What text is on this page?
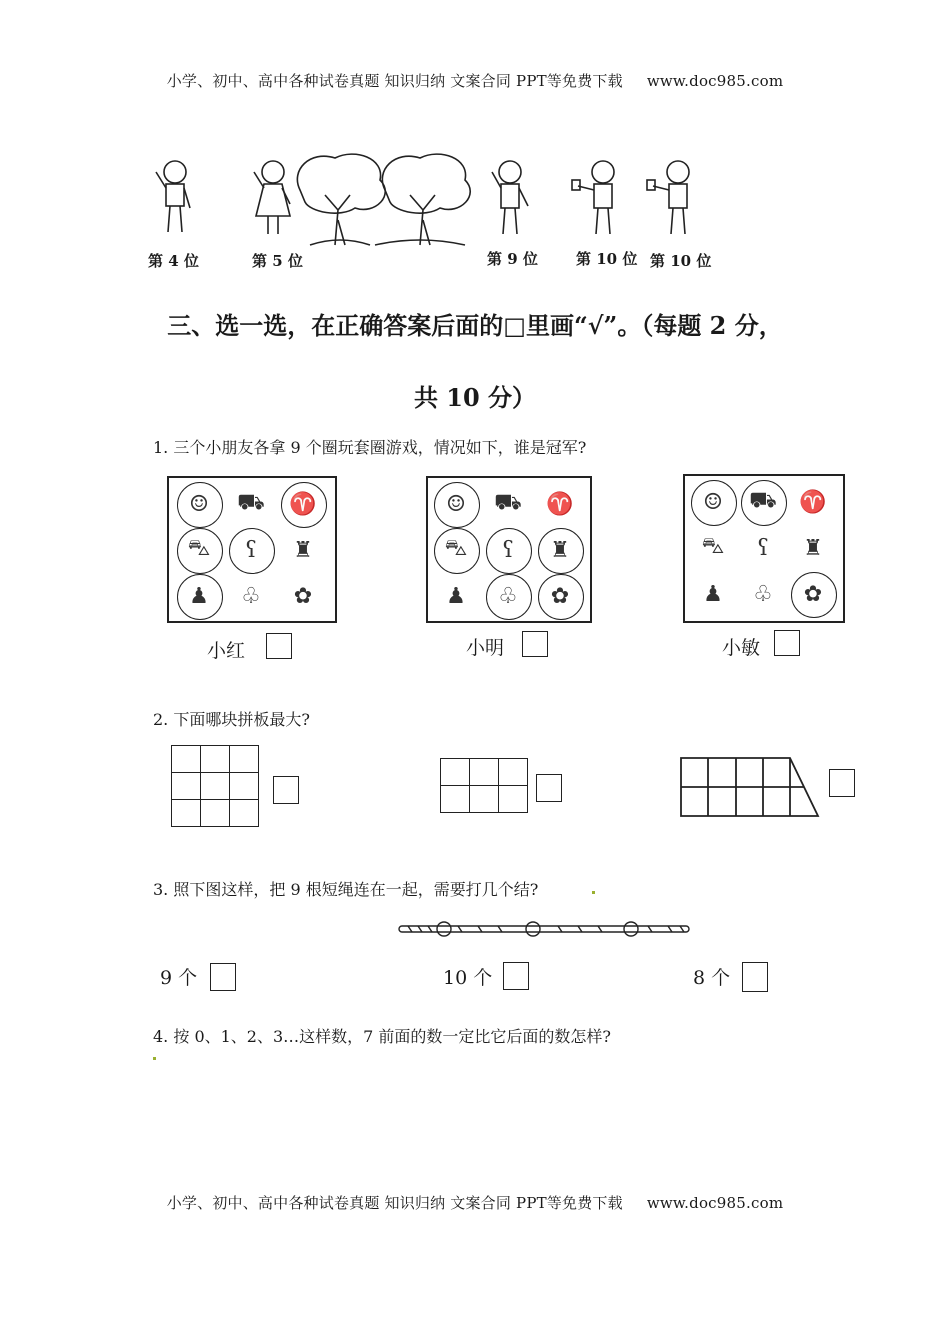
小学、初中、高中各种试卷真题 知识归纳 文案合同 PPT等免费下载 www.doc985.com
第 4 位	第 5 位	第 9 位	第 10 位 第 10 位
三、选一选，在正确答案后面的□里画“√”。（每题 2 分，
共 10 分）
1. 三个小朋友各拿 9 个圈玩套圈游戏，情况如下，谁是冠军?
☺	⛟	♈
⛍	ʕ	♜
♟	♧	✿
小红
☺	⛟	♈
⛍	ʕ	♜
♟	♧	✿
小明
☺	⛟	♈
⛍	ʕ	♜
♟	♧	✿
小敏
2. 下面哪块拼板最大?

3. 照下图这样，把 9 根短绳连在一起，需要打几个结?
9 个	10 个	8 个
4. 按 0、1、2、3…这样数，7 前面的数一定比它后面的数怎样?
小学、初中、高中各种试卷真题 知识归纳 文案合同 PPT等免费下载 www.doc985.com
